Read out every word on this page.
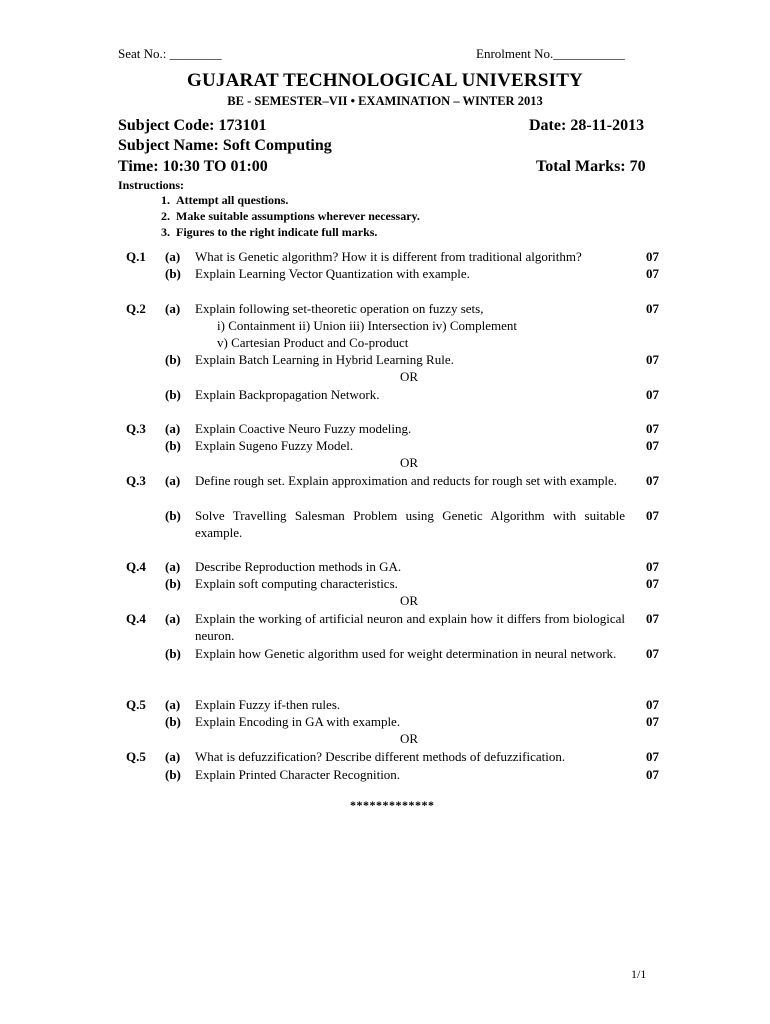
Seat No.: ________	Enrolment No.___________
GUJARAT TECHNOLOGICAL UNIVERSITY
BE - SEMESTER–VII • EXAMINATION – WINTER 2013
Subject Code: 173101	Date: 28-11-2013
Subject Name: Soft Computing
Time: 10:30 TO 01:00	Total Marks: 70
Instructions:
1.  Attempt all questions.
2.  Make suitable assumptions wherever necessary.
3.  Figures to the right indicate full marks.
Q.1 (a) What is Genetic algorithm? How it is different from traditional algorithm?	07
(b) Explain Learning Vector Quantization with example.	07
Q.2 (a) Explain following set-theoretic operation on fuzzy sets,	07
i) Containment ii) Union iii) Intersection iv) Complement
v) Cartesian Product and Co-product
(b) Explain Batch Learning in Hybrid Learning Rule.	07
OR
(b) Explain Backpropagation Network.	07
Q.3 (a) Explain Coactive Neuro Fuzzy modeling.	07
(b) Explain Sugeno Fuzzy Model.	07
OR
Q.3 (a) Define rough set. Explain approximation and reducts for rough set with example.	07
(b) Solve Travelling Salesman Problem using Genetic Algorithm with suitable example.
07
Q.4 (a) Describe Reproduction methods in GA.	07
(b) Explain soft computing characteristics.	07
OR
Q.4 (a) Explain the working of artificial neuron and explain how it differs from biological neuron.
07
(b) Explain how Genetic algorithm used for weight determination in neural network.	07
Q.5 (a) Explain Fuzzy if-then rules.	07
(b) Explain Encoding in GA with example.	07
OR
Q.5 (a) What is defuzzification? Describe different methods of defuzzification.	07
(b) Explain Printed Character Recognition.	07
*************
1/1
